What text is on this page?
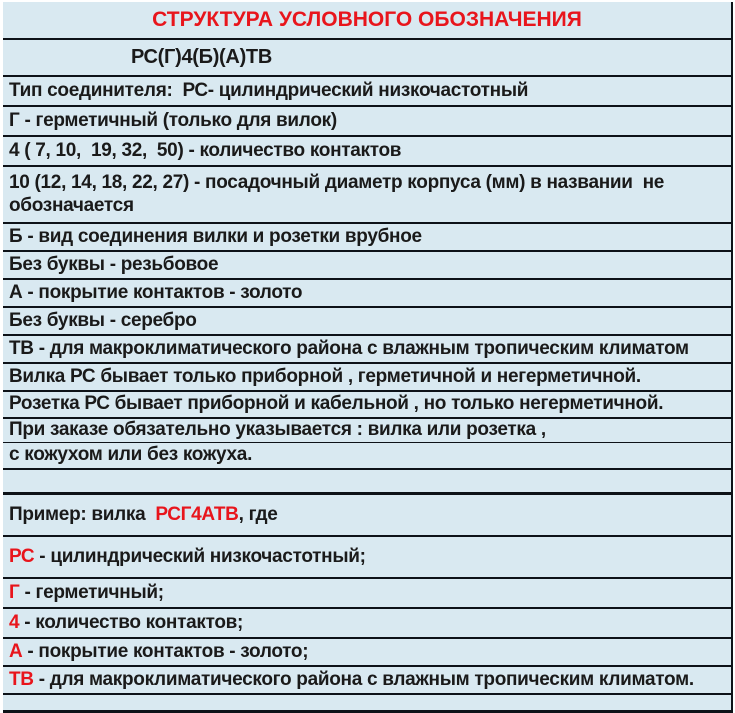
СТРУКТУРА УСЛОВНОГО ОБОЗНАЧЕНИЯ
РС(Г)4(Б)(А)ТВ
Тип соединителя:  РС- цилиндрический низкочастотный
Г - герметичный (только для вилок)
4 ( 7, 10,  19, 32,  50) - количество контактов
10 (12, 14, 18, 22, 27) - посадочный диаметр корпуса (мм) в названии  не обозначается
Б - вид соединения вилки и розетки врубное
Без буквы - резьбовое
А - покрытие контактов - золото
Без буквы - серебро
ТВ - для макроклиматического района с влажным тропическим климатом
Вилка РС бывает только приборной , герметичной и негерметичной.
Розетка РС бывает приборной и кабельной , но только негерметичной.
При заказе обязательно указывается : вилка или розетка ,
с кожухом или без кожуха.
Пример: вилка  РСГ4АТВ, где
РС - цилиндрический низкочастотный;
Г - герметичный;
4 - количество контактов;
А - покрытие контактов - золото;
ТВ - для макроклиматического района с влажным тропическим климатом.
